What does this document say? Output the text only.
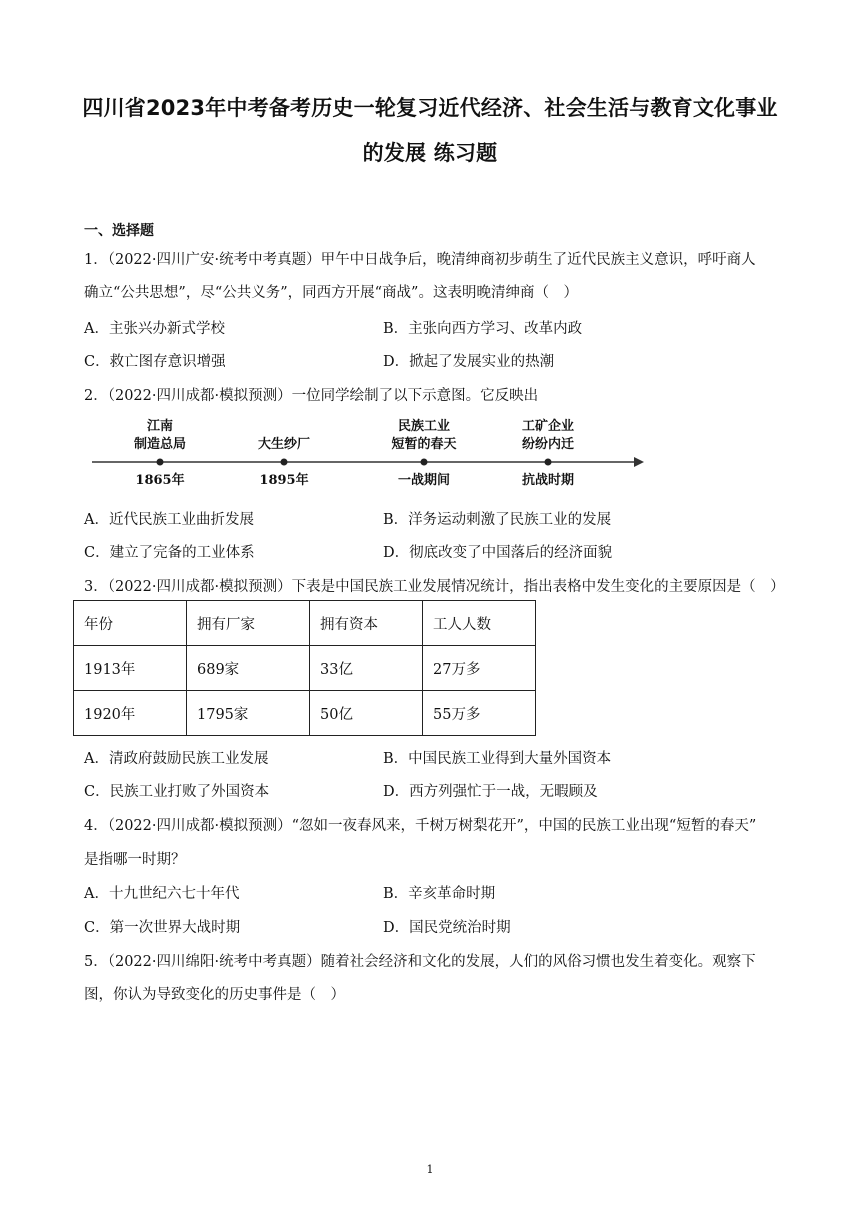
四川省2023年中考备考历史一轮复习近代经济、社会生活与教育文化事业
的发展 练习题
一、选择题
1．（2022·四川广安·统考中考真题）甲午中日战争后，晚清绅商初步萌生了近代民族主义意识，呼吁商人
确立“公共思想”，尽“公共义务”，同西方开展“商战”。这表明晚清绅商（　）
A．主张兴办新式学校	B．主张向西方学习、改革内政
C．救亡图存意识增强	D．掀起了发展实业的热潮
2．（2022·四川成都·模拟预测）一位同学绘制了以下示意图。它反映出
江南
制造总局	大生纱厂
民族工业
短暂的春天
工矿企业
纷纷内迁
1865年	1895年	一战期间	抗战时期
A．近代民族工业曲折发展	B．洋务运动刺激了民族工业的发展
C．建立了完备的工业体系	D．彻底改变了中国落后的经济面貌
3．（2022·四川成都·模拟预测）下表是中国民族工业发展情况统计，指出表格中发生变化的主要原因是（　）
年份	拥有厂家	拥有资本	工人人数
1913年	689家	33亿	27万多
1920年	1795家	50亿	55万多
A．清政府鼓励民族工业发展	B．中国民族工业得到大量外国资本
C．民族工业打败了外国资本	D．西方列强忙于一战，无暇顾及
4．（2022·四川成都·模拟预测）“忽如一夜春风来，千树万树梨花开”，中国的民族工业出现“短暂的春天”
是指哪一时期？
A．十九世纪六七十年代	B．辛亥革命时期
C．第一次世界大战时期	D．国民党统治时期
5．（2022·四川绵阳·统考中考真题）随着社会经济和文化的发展，人们的风俗习惯也发生着变化。观察下
图，你认为导致变化的历史事件是（　）
1
